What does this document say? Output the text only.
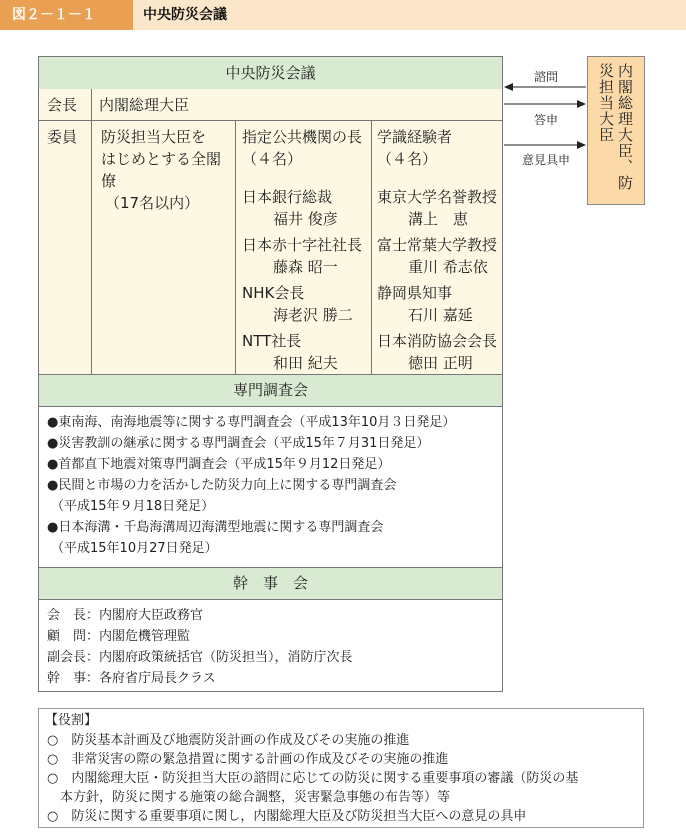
図２－１－１	中央防災会議
中央防災会議
会長 内閣総理大臣
委員 防災担当大臣を
はじめとする全閣
僚
（17名以内）
指定公共機関の長
（４名）
日本銀行総裁
　福井 俊彦
日本赤十字社社長
　藤森 昭一
NHK会長
　海老沢 勝二
NTT社長
　和田 紀夫
学識経験者
（４名）
東京大学名誉教授
　溝上　恵
富士常葉大学教授
　重川 希志依
静岡県知事
　石川 嘉延
日本消防協会会長
　徳田 正明
専門調査会
●東南海、南海地震等に関する専門調査会（平成13年10月３日発足）
●災害教訓の継承に関する専門調査会（平成15年７月31日発足）
●首都直下地震対策専門調査会（平成15年９月12日発足）
●民間と市場の力を活かした防災力向上に関する専門調査会
（平成15年９月18日発足）
●日本海溝・千島海溝周辺海溝型地震に関する専門調査会
（平成15年10月27日発足）
幹　事　会
会　長：内閣府大臣政務官
顧　問：内閣危機管理監
副会長：内閣府政策統括官（防災担当），消防庁次長
幹　事：各府省庁局長クラス
諮問
答申
意見具申	内閣総理大臣、防災担当大臣
【役割】
○　防災基本計画及び地震防災計画の作成及びその実施の推進
○　非常災害の際の緊急措置に関する計画の作成及びその実施の推進
○　内閣総理大臣・防災担当大臣の諮問に応じての防災に関する重要事項の審議（防災の基
　本方針，防災に関する施策の総合調整，災害緊急事態の布告等）等
○　防災に関する重要事項に関し，内閣総理大臣及び防災担当大臣への意見の具申
